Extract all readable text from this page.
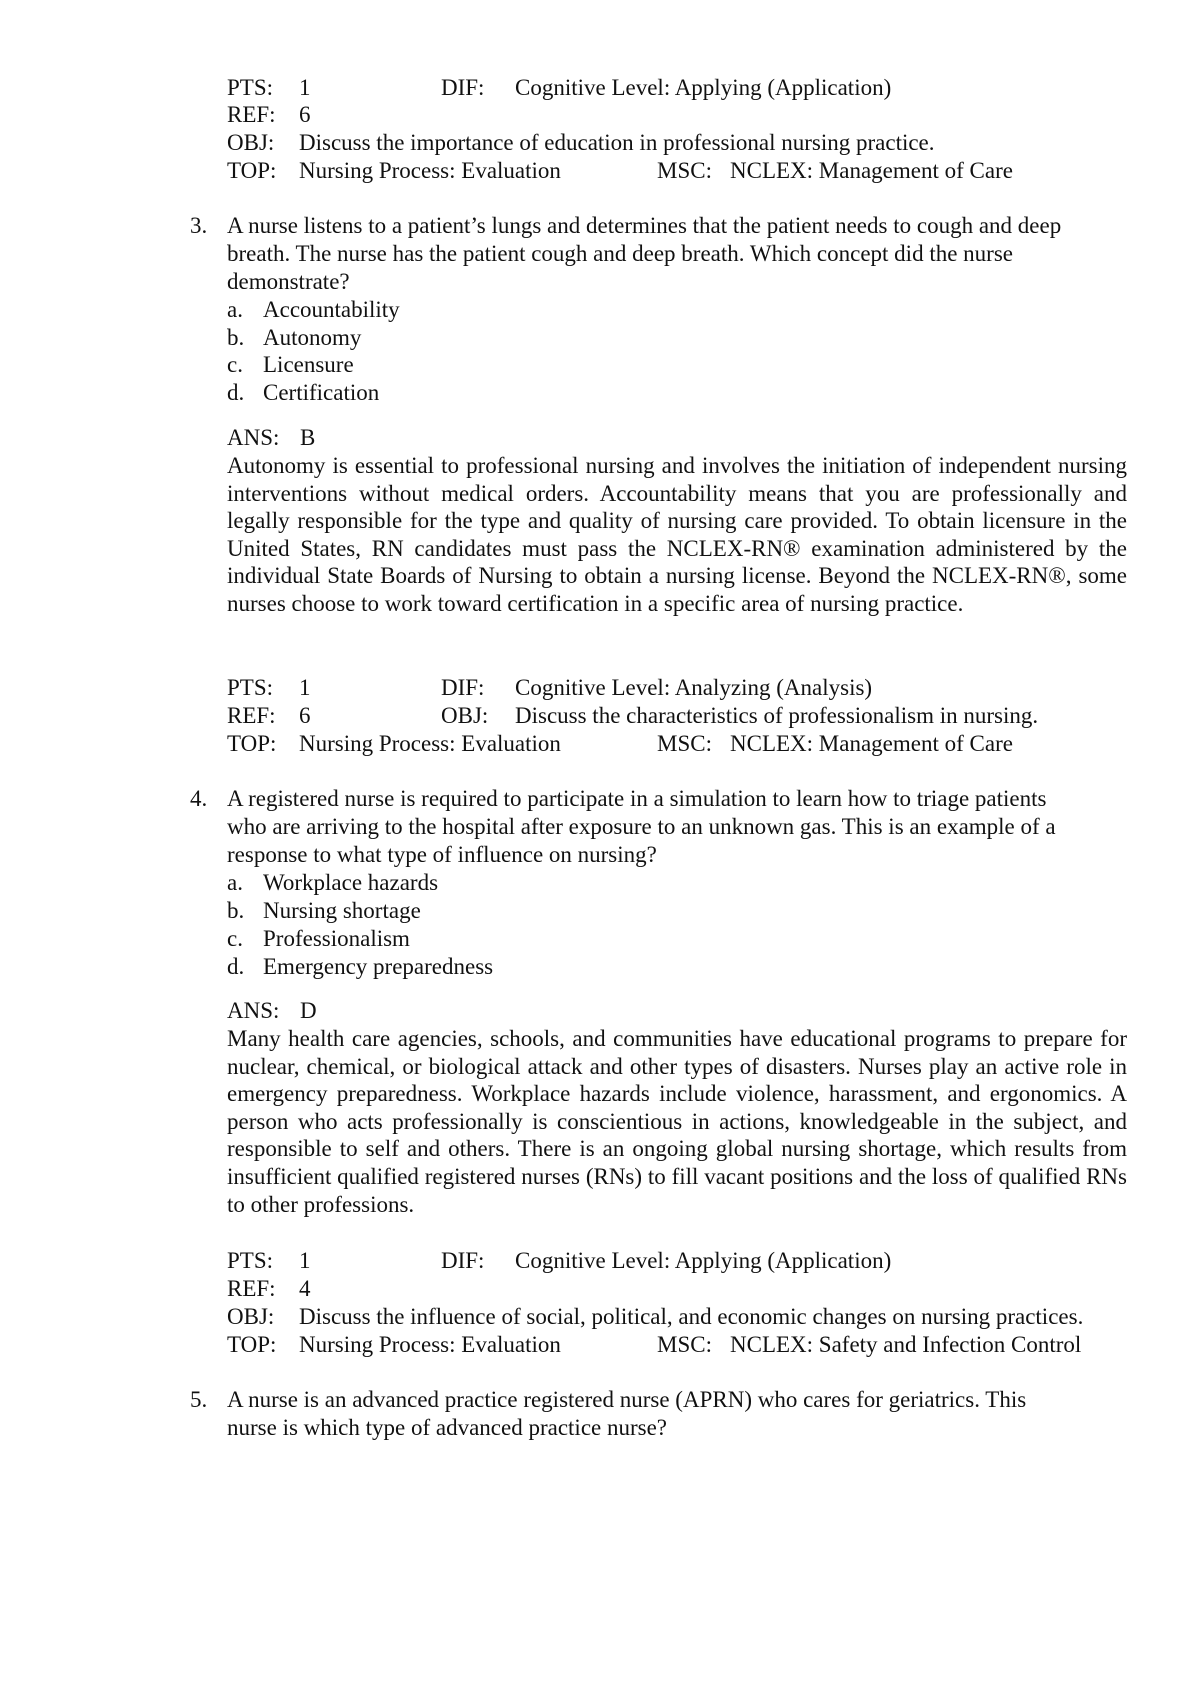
PTS: 1	DIF: Cognitive Level: Applying (Application)
REF: 6
OBJ: Discuss the importance of education in professional nursing practice.
TOP: Nursing Process: Evaluation	MSC: NCLEX: Management of Care
3. A nurse listens to a patient’s lungs and determines that the patient needs to cough and deep
breath. The nurse has the patient cough and deep breath. Which concept did the nurse
demonstrate?
a. Accountability
b. Autonomy
c. Licensure
d. Certification
ANS: B

Autonomy is essential to professional nursing and involves the initiation of independent nursing interventions without medical orders. Accountability means that you are professionally and legally responsible for the type and quality of nursing care provided. To obtain licensure in the United States, RN candidates must pass the NCLEX-RN® examination administered by the individual State Boards of Nursing to obtain a nursing license. Beyond the NCLEX-RN®, some nurses choose to work toward certification in a specific area of nursing practice.

PTS: 1	DIF: Cognitive Level: Analyzing (Analysis)
REF: 6	OBJ: Discuss the characteristics of professionalism in nursing.
TOP: Nursing Process: Evaluation	MSC: NCLEX: Management of Care
4. A registered nurse is required to participate in a simulation to learn how to triage patients
who are arriving to the hospital after exposure to an unknown gas. This is an example of a
response to what type of influence on nursing?
a. Workplace hazards
b. Nursing shortage
c. Professionalism
d. Emergency preparedness
ANS: D

Many health care agencies, schools, and communities have educational programs to prepare for nuclear, chemical, or biological attack and other types of disasters. Nurses play an active role in emergency preparedness. Workplace hazards include violence, harassment, and ergonomics. A person who acts professionally is conscientious in actions, knowledgeable in the subject, and responsible to self and others. There is an ongoing global nursing shortage, which results from insufficient qualified registered nurses (RNs) to fill vacant positions and the loss of qualified RNs to other professions.

PTS: 1	DIF: Cognitive Level: Applying (Application)
REF: 4
OBJ: Discuss the influence of social, political, and economic changes on nursing practices.
TOP: Nursing Process: Evaluation	MSC: NCLEX: Safety and Infection Control
5. A nurse is an advanced practice registered nurse (APRN) who cares for geriatrics. This
nurse is which type of advanced practice nurse?
